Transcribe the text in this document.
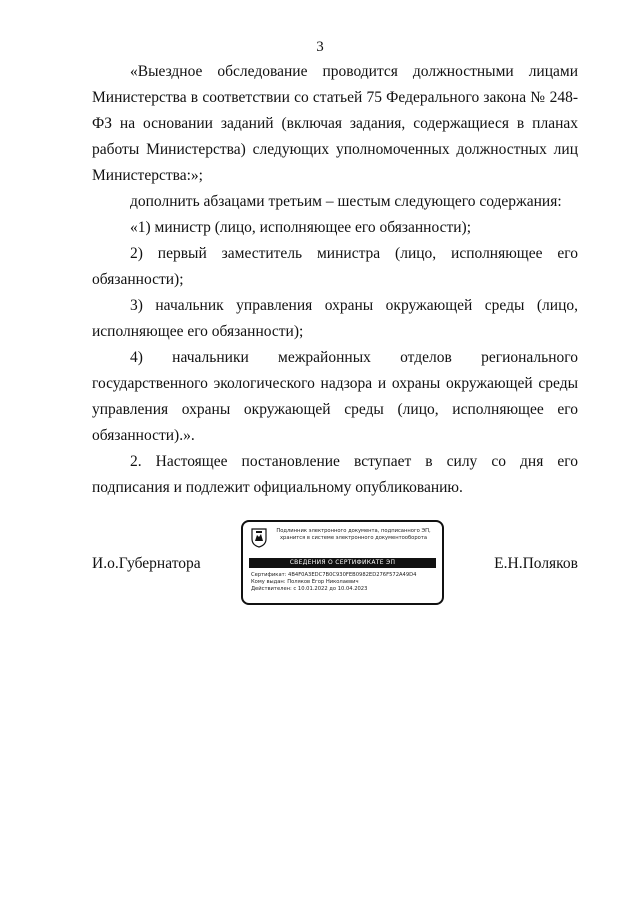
3

«Выездное обследование проводится должностными лицами Министерства в соответствии со статьей 75 Федерального закона № 248-ФЗ на основании заданий (включая задания, содержащиеся в планах работы Министерства) следующих уполномоченных должностных лиц Министерства:»;

дополнить абзацами третьим – шестым следующего содержания:

«1) министр (лицо, исполняющее его обязанности);

2) первый заместитель министра (лицо, исполняющее его обязанности);

3) начальник управления охраны окружающей среды (лицо, исполняющее его обязанности);

4) начальники межрайонных отделов регионального государственного экологического надзора и охраны окружающей среды управления охраны окружающей среды (лицо, исполняющее его обязанности).».

2. Настоящее постановление вступает в силу со дня его подписания и подлежит официальному опубликованию.

И.о.Губернатора
Подлинник электронного документа, подписанного ЭП,
хранится в системе электронного документооборота
СВЕДЕНИЯ О СЕРТИФИКАТЕ ЭП
Сертификат: 4B4F0A3EDC7B0C930FEB0982ED276F572A49D4
Кому выдан: Поляков Егор Николаевич
Действителен: с 10.01.2022 до 10.04.2023
Е.Н.Поляков
